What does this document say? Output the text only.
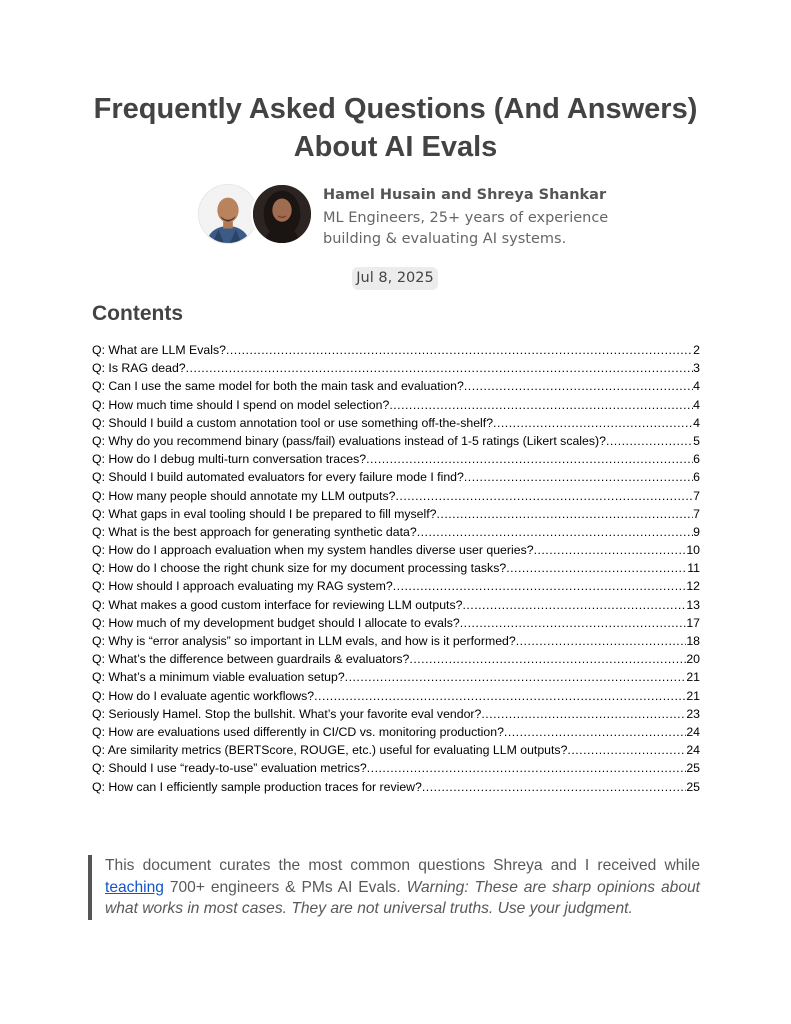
Frequently Asked Questions (And Answers)
About AI Evals
Hamel Husain and Shreya Shankar
ML Engineers, 25+ years of experience
building & evaluating AI systems.
Jul 8, 2025
Contents
Q: What are LLM Evals? .....	2
Q: Is RAG dead? .....	3
Q: Can I use the same model for both the main task and evaluation? .....	4
Q: How much time should I spend on model selection? .....	4
Q: Should I build a custom annotation tool or use something off-the-shelf? .....	4
Q: Why do you recommend binary (pass/fail) evaluations instead of 1-5 ratings (Likert scales)? .....	5
Q: How do I debug multi-turn conversation traces? .....	6
Q: Should I build automated evaluators for every failure mode I find? .....	6
Q: How many people should annotate my LLM outputs? .....	7
Q: What gaps in eval tooling should I be prepared to fill myself? .....	7
Q: What is the best approach for generating synthetic data? .....	9
Q: How do I approach evaluation when my system handles diverse user queries? .....	10
Q: How do I choose the right chunk size for my document processing tasks? .....	11
Q: How should I approach evaluating my RAG system? .....	12
Q: What makes a good custom interface for reviewing LLM outputs? .....	13
Q: How much of my development budget should I allocate to evals? .....	17
Q: Why is “error analysis” so important in LLM evals, and how is it performed? .....	18
Q: What’s the difference between guardrails & evaluators? .....	20
Q: What’s a minimum viable evaluation setup? .....	21
Q: How do I evaluate agentic workflows? .....	21
Q: Seriously Hamel. Stop the bullshit. What’s your favorite eval vendor? .....	23
Q: How are evaluations used differently in CI/CD vs. monitoring production? .....	24
Q: Are similarity metrics (BERTScore, ROUGE, etc.) useful for evaluating LLM outputs? .....	24
Q: Should I use “ready-to-use” evaluation metrics? .....	25
Q: How can I efficiently sample production traces for review? .....	25
This document curates the most common questions Shreya and I received while teaching 700+ engineers & PMs AI Evals. Warning: These are sharp opinions about what works in most cases. They are not universal truths. Use your judgment.
